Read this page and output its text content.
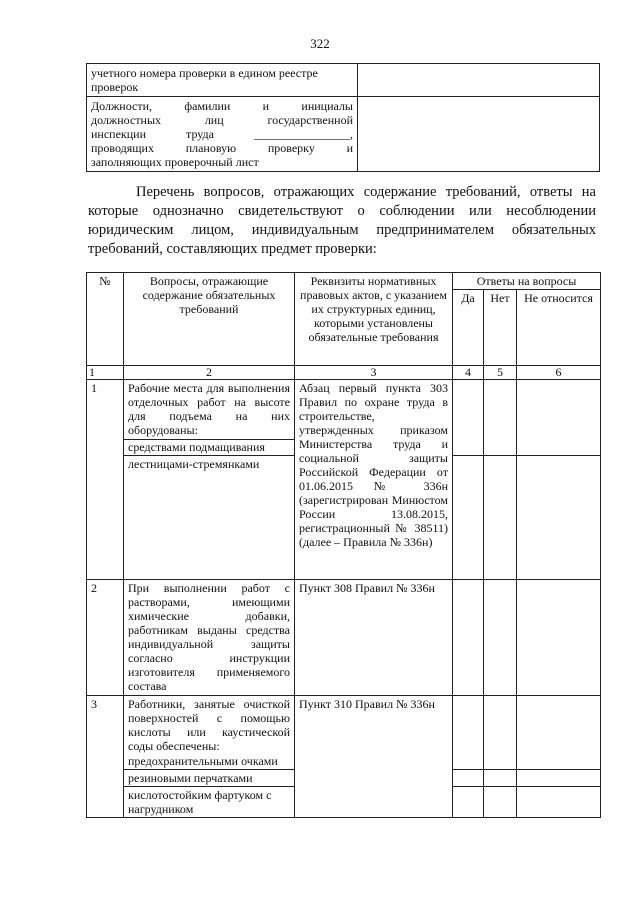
322
учетного номера проверки в едином реестре
проверок	

Должности, фамилии и инициалы
должностных лиц государственной
инспекции труда ________________,
проводящих плановую проверку и
заполняющих проверочный лист	

Перечень вопросов, отражающих содержание требований, ответы на которые однозначно свидетельствуют о соблюдении или несоблюдении юридическим лицом, индивидуальным предпринимателем обязательных требований, составляющих предмет проверки:

№	Вопросы, отражающие содержание обязательных требований	Реквизиты нормативных правовых актов, с указанием их структурных единиц, которыми установлены обязательные требования	Ответы на вопросы		
			Да	Нет	Не относится
1	2	3	4	5	6
1	Рабочие места для выполнения отделочных работ на высоте для подъема на них оборудованы:	Абзац первый пункта 303 Правил по охране труда в строительстве, утвержденных приказом Министерства труда и социальной защиты Российской Федерации от 01.06.2015 № 336н (зарегистрирован Минюстом России 13.08.2015, регистрационный № 38511) (далее – Правила № 336н)			
	средствами подмащивания				
	лестницами-стремянками				
2	При выполнении работ с растворами, имеющими химические добавки, работникам выданы средства индивидуальной защиты согласно инструкции изготовителя применяемого состава	Пункт 308 Правил № 336н			
3	Работники, занятые очисткой поверхностей с помощью кислоты или каустической соды обеспечены:	Пункт 310 Правил № 336н			
	предохранительными очками				
	резиновыми перчатками				
	кислотостойким фартуком с нагрудником				
